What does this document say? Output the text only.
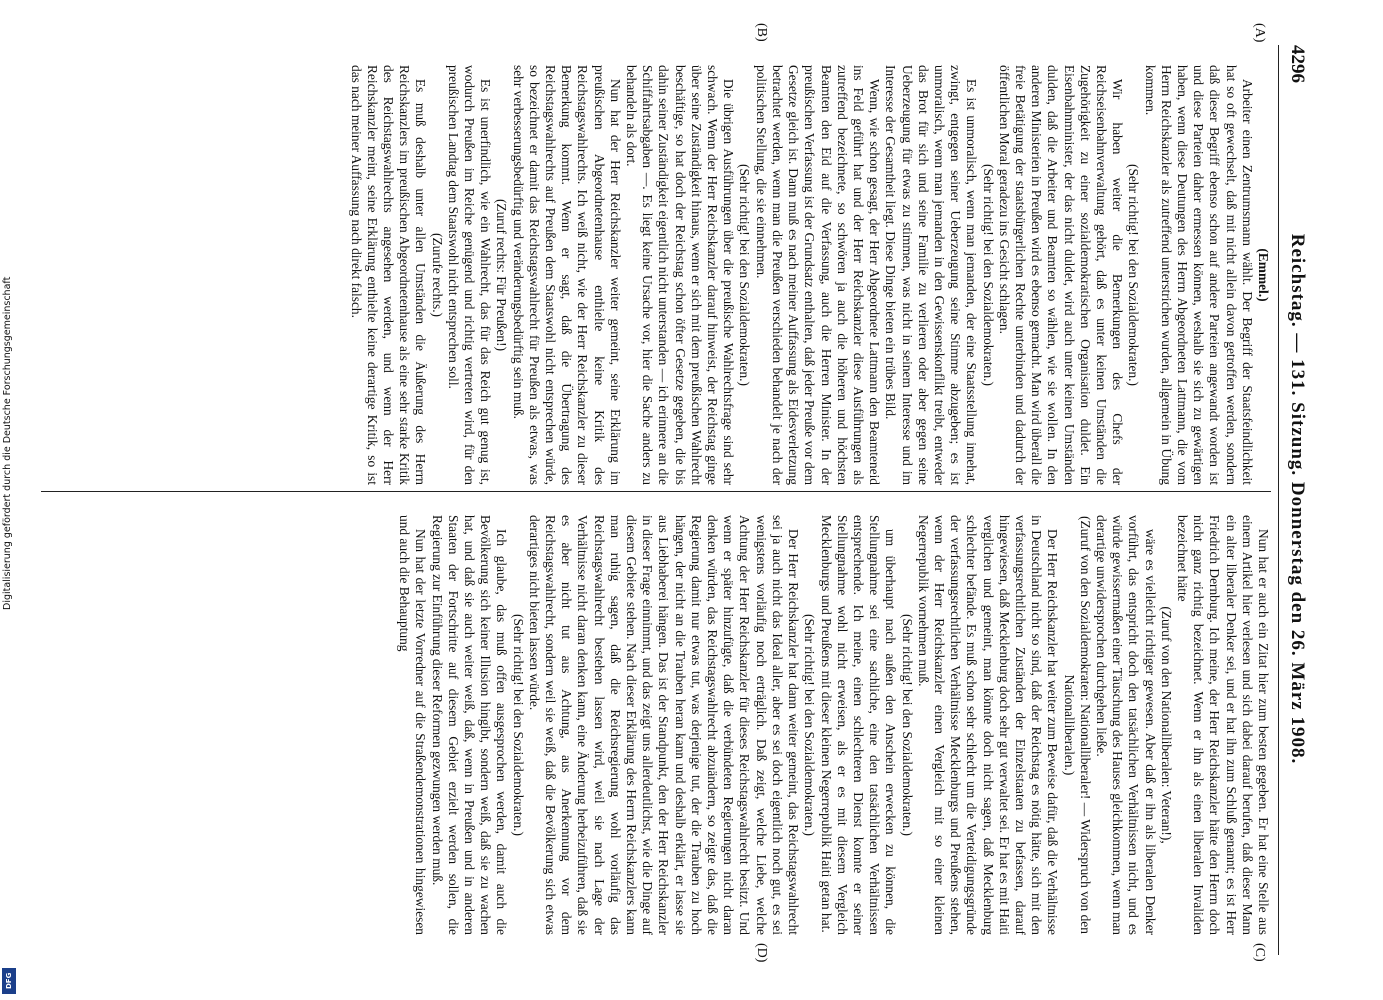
4296
Reichstag. — 131. Sitzung. Donnerstag den 26. März 1908.
(A)
(B)
(C)
(D)

(Emmel.)

Arbeiter einen Zentrumsmann wählt. Der Begriff der Staatsfeindlichkeit hat so oft gewechselt, daß mit nicht allein davon getroffen werden, sondern daß dieser Begriff ebenso schon auf andere Parteien angewandt worden ist und diese Parteien daher ermessen können, weshalb sie sich zu gewärtigen haben, wenn diese Deutungen des Herrn Abgeordneten Lattmann, die vom Herrn Reichskanzler als zutreffend unterstrichen wurden, allgemein in Übung kommen.

(Sehr richtig! bei den Sozialdemokraten.)

Wir haben weiter die Bemerkungen des Chefs der Reichseisenbahnverwaltung gehört, daß es unter keinen Umständen die Zugehörigkeit zu einer sozialdemokratischen Organisation duldet. Ein Eisenbahnminister, der das nicht duldet, wird auch unter keinen Umständen dulden, daß die Arbeiter und Beamten so wählen, wie sie wollen. In den anderen Ministerien in Preußen wird es ebenso gemacht. Man wird überall die freie Betätigung der staatsbürgerlichen Rechte unterbinden und dadurch der öffentlichen Moral geradezu ins Gesicht schlagen.

(Sehr richtig! bei den Sozialdemokraten.)

Es ist unmoralisch, wenn man jemanden, der eine Staatsstellung innehat, zwingt, entgegen seiner Ueberzeugung seine Stimme abzugeben; es ist unmoralisch, wenn man jemanden in den Gewissenskonflikt treibt, entweder das Brot für sich und seine Familie zu verlieren oder aber gegen seine Ueberzeugung für etwas zu stimmen, was nicht in seinem Interesse und im Interesse der Gesamtheit liegt. Diese Dinge bieten ein trübes Bild.

Wenn, wie schon gesagt, der Herr Abgeordnete Lattmann den Beamteneid ins Feld geführt hat und der Herr Reichskanzler diese Ausführungen als zutreffend bezeichnete, so schwören ja auch die höheren und höchsten Beamten den Eid auf die Verfassung, auch die Herren Minister. In der preußischen Verfassung ist der Grundsatz enthalten, daß jeder Preuße vor dem Gesetze gleich ist. Dann muß es nach meiner Auffassung als Eidesverletzung betrachtet werden, wenn man die Preußen verschieden behandelt je nach der politischen Stellung, die sie einnehmen.

(Sehr richtig! bei den Sozialdemokraten.)

Die übrigen Ausführungen über die preußische Wahlrechtsfrage sind sehr schwach. Wenn der Herr Reichskanzler darauf hinweist, der Reichstag ginge über seine Zuständigkeit hinaus, wenn er sich mit dem preußischen Wahlrecht beschäftige, so hat doch der Reichstag schon öfter Gesetze gegeben, die bis dahin seiner Zuständigkeit eigentlich nicht unterstanden — ich erinnere an die Schiffahrtsabgaben —. Es liegt keine Ursache vor, hier die Sache anders zu behandeln als dort.

Nun hat der Herr Reichskanzler weiter gemeint, seine Erklärung im preußischen Abgeordnetenhause enthielte keine Kritik des Reichstagswahlrechts. Ich weiß nicht, wie der Herr Reichskanzler zu dieser Bemerkung kommt. Wenn er sagt, daß die Übertragung des Reichstagswahlrechts auf Preußen dem Staatswohl nicht entsprechen würde, so bezeichnet er damit das Reichstagswahlrecht für Preußen als etwas, was sehr verbesserungsbedürftig und veränderungsbedürftig sein muß.

(Zuruf rechts: Für Preußen!)

Es ist unerfindlich, wie ein Wahlrecht, das für das Reich gut genug ist, wodurch Preußen im Reiche genügend und richtig vertreten wird, für den preußischen Landtag dem Staatswohl nicht entsprechen soll.

(Zurufe rechts.)

Es muß deshalb unter allen Umständen die Äußerung des Herrn Reichskanzlers im preußischen Abgeordnetenhause als eine sehr starke Kritik des Reichstagswahlrechts angesehen werden, und wenn der Herr Reichskanzler meint, seine Erklärung enthielte keine derartige Kritik, so ist das nach meiner Auffassung nach direkt falsch.

Nun hat er auch ein Zitat hier zum besten gegeben. Er hat eine Stelle aus einem Artikel hier verlesen und sich dabei darauf berufen, daß dieser Mann ein alter liberaler Denker sei, und er hat ihn zum Schluß genannt; es ist Herr Friedrich Dernburg. Ich meine, der Herr Reichskanzler hätte den Herrn doch nicht ganz richtig bezeichnet. Wenn er ihn als einen liberalen Invaliden bezeichnet hätte

(Zuruf von den Nationalliberalen: Veteran!),

wäre es vielleicht richtiger gewesen. Aber daß er ihn als liberalen Denker vorführt, das entspricht doch den tatsächlichen Verhältnissen nicht, und es würde gewissermaßen einer Täuschung des Hauses gleichkommen, wenn man derartige unwidersprochen durchgehen ließe.

(Zuruf von den Sozialdemokraten: Nationalliberaler! — Widerspruch von den Nationalliberalen.)

Der Herr Reichskanzler hat weiter zum Beweise dafür, daß die Verhältnisse in Deutschland nicht so sind, daß der Reichstag es nötig hätte, sich mit den verfassungsrechtlichen Zuständen der Einzelstaaten zu befassen, darauf hingewiesen, daß Mecklenburg doch sehr gut verwaltet sei. Er hat es mit Haiti verglichen und gemeint, man könnte doch nicht sagen, daß Mecklenburg schlechter befände. Es muß schon sehr schlecht um die Verteidigungsgründe der verfassungsrechtlichen Verhältnisse Mecklenburgs und Preußens stehen, wenn der Herr Reichskanzler einen Vergleich mit so einer kleinen Negerrepublik vornehmen muß.

(Sehr richtig! bei den Sozialdemokraten.)

um überhaupt nach außen den Anschein erwecken zu können, die Stellungnahme sei eine sachliche, eine den tatsächlichen Verhältnissen entsprechende. Ich meine, einen schlechteren Dienst konnte er seiner Stellungnahme wohl nicht erweisen, als er es mit diesem Vergleich Mecklenburgs und Preußens mit dieser kleinen Negerrepublik Haiti getan hat.

(Sehr richtig! bei den Sozialdemokraten.)

Der Herr Reichskanzler hat dann weiter gemeint, das Reichstagswahlrecht sei ja auch nicht das Ideal aller, aber es sei doch eigentlich noch gut, es sei wenigstens vorläufig noch erträglich. Daß zeigt, welche Liebe, welche Achtung der Herr Reichskanzler für dieses Reichstagswahlrecht besitzt. Und wenn er später hinzufügte, daß die verbündeten Regierungen nicht daran denken würden, das Reichstagswahlrecht abzuändern, so zeigte das, daß die Regierung damit nur etwas tut, was derjenige tut, der die Trauben zu hoch hängen, der nicht an die Trauben heran kann und deshalb erklärt, er lasse sie aus Liebhaberei hängen. Das ist der Standpunkt, den der Herr Reichskanzler in dieser Frage einnimmt, und das zeigt uns allerdeutlichst, wie die Dinge auf diesem Gebiete stehen. Nach dieser Erklärung des Herrn Reichskanzlers kann man ruhig sagen, daß die Reichsregierung wohl vorläufig das Reichstagswahlrecht bestehen lassen wird, weil sie nach Lage der Verhältnisse nicht daran denken kann, eine Änderung herbeizuführen, daß sie es aber nicht tut aus Achtung, aus Anerkennung vor dem Reichstagswahlrecht, sondern weil sie weiß, daß die Bevölkerung sich etwas derartiges nicht bieten lassen würde.

(Sehr richtig! bei den Sozialdemokraten.)

Ich glaube, das muß offen ausgesprochen werden, damit auch die Bevölkerung sich keiner Illusion hingibt, sondern weiß, daß sie zu wachen hat, und daß sie auch weiter weiß, daß, wenn in Preußen und in anderen Staaten der Fortschritte auf diesem Gebiet erzielt werden sollen, die Regierung zur Einführung dieser Reformen gezwungen werden muß.

Nun hat der letzte Vorredner auf die Straßendemonstrationen hingewiesen und auch die Behauptung

Digitalisierung gefördert durch die Deutsche Forschungsgemeinschaft
DFG
